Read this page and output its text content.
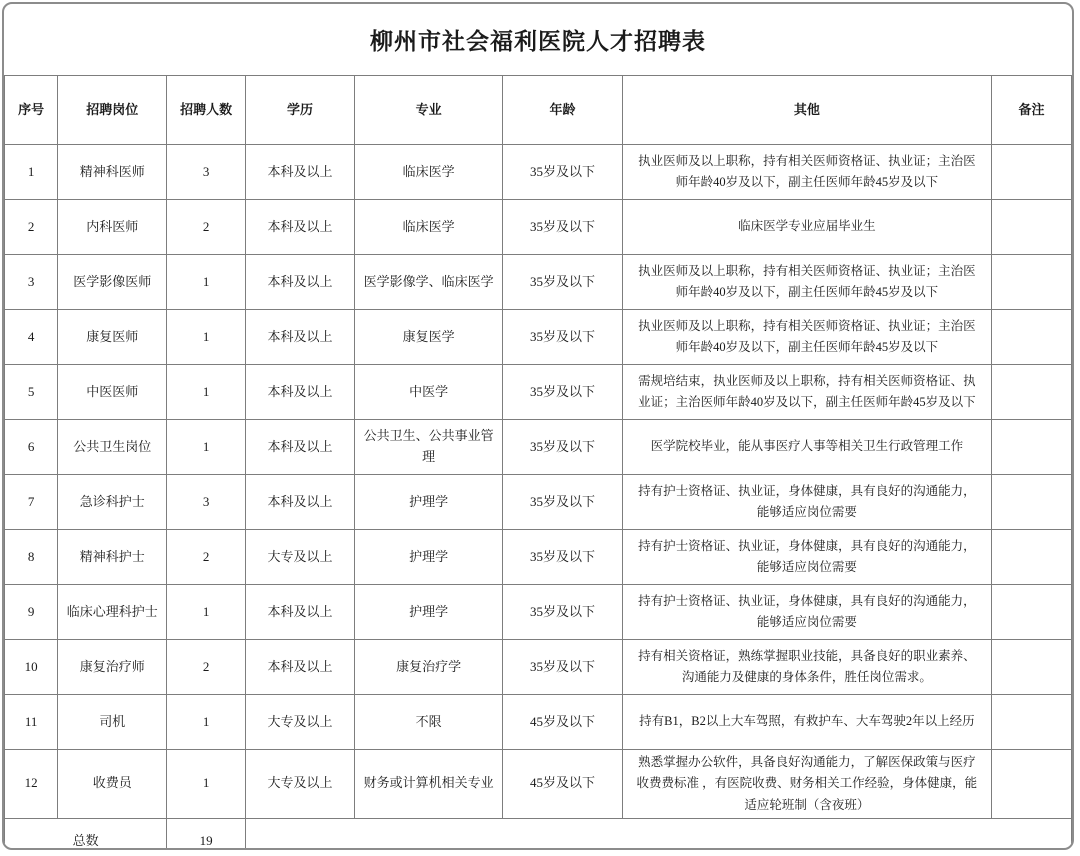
柳州市社会福利医院人才招聘表
序号	招聘岗位	招聘人数	学历	专业	年龄	其他	备注
1	精神科医师	3	本科及以上	临床医学	35岁及以下	执业医师及以上职称，持有相关医师资格证、执业证；主治医师年龄40岁及以下，副主任医师年龄45岁及以下	
2	内科医师	2	本科及以上	临床医学	35岁及以下	临床医学专业应届毕业生	
3	医学影像医师	1	本科及以上	医学影像学、临床医学	35岁及以下	执业医师及以上职称，持有相关医师资格证、执业证；主治医师年龄40岁及以下，副主任医师年龄45岁及以下	
4	康复医师	1	本科及以上	康复医学	35岁及以下	执业医师及以上职称，持有相关医师资格证、执业证；主治医师年龄40岁及以下，副主任医师年龄45岁及以下	
5	中医医师	1	本科及以上	中医学	35岁及以下	需规培结束，执业医师及以上职称，持有相关医师资格证、执业证；主治医师年龄40岁及以下，副主任医师年龄45岁及以下	
6	公共卫生岗位	1	本科及以上	公共卫生、公共事业管理	35岁及以下	医学院校毕业，能从事医疗人事等相关卫生行政管理工作	
7	急诊科护士	3	本科及以上	护理学	35岁及以下	持有护士资格证、执业证，身体健康，具有良好的沟通能力，能够适应岗位需要	
8	精神科护士	2	大专及以上	护理学	35岁及以下	持有护士资格证、执业证，身体健康，具有良好的沟通能力，能够适应岗位需要	
9	临床心理科护士	1	本科及以上	护理学	35岁及以下	持有护士资格证、执业证，身体健康，具有良好的沟通能力，能够适应岗位需要	
10	康复治疗师	2	本科及以上	康复治疗学	35岁及以下	持有相关资格证，熟练掌握职业技能，具备良好的职业素养、沟通能力及健康的身体条件，胜任岗位需求。	
11	司机	1	大专及以上	不限	45岁及以下	持有B1，B2以上大车驾照，有救护车、大车驾驶2年以上经历	
12	收费员	1	大专及以上	财务或计算机相关专业	45岁及以下	熟悉掌握办公软件，具备良好沟通能力，了解医保政策与医疗收费费标准 ，有医院收费、财务相关工作经验，身体健康，能适应轮班制（含夜班）	
总数		19					
